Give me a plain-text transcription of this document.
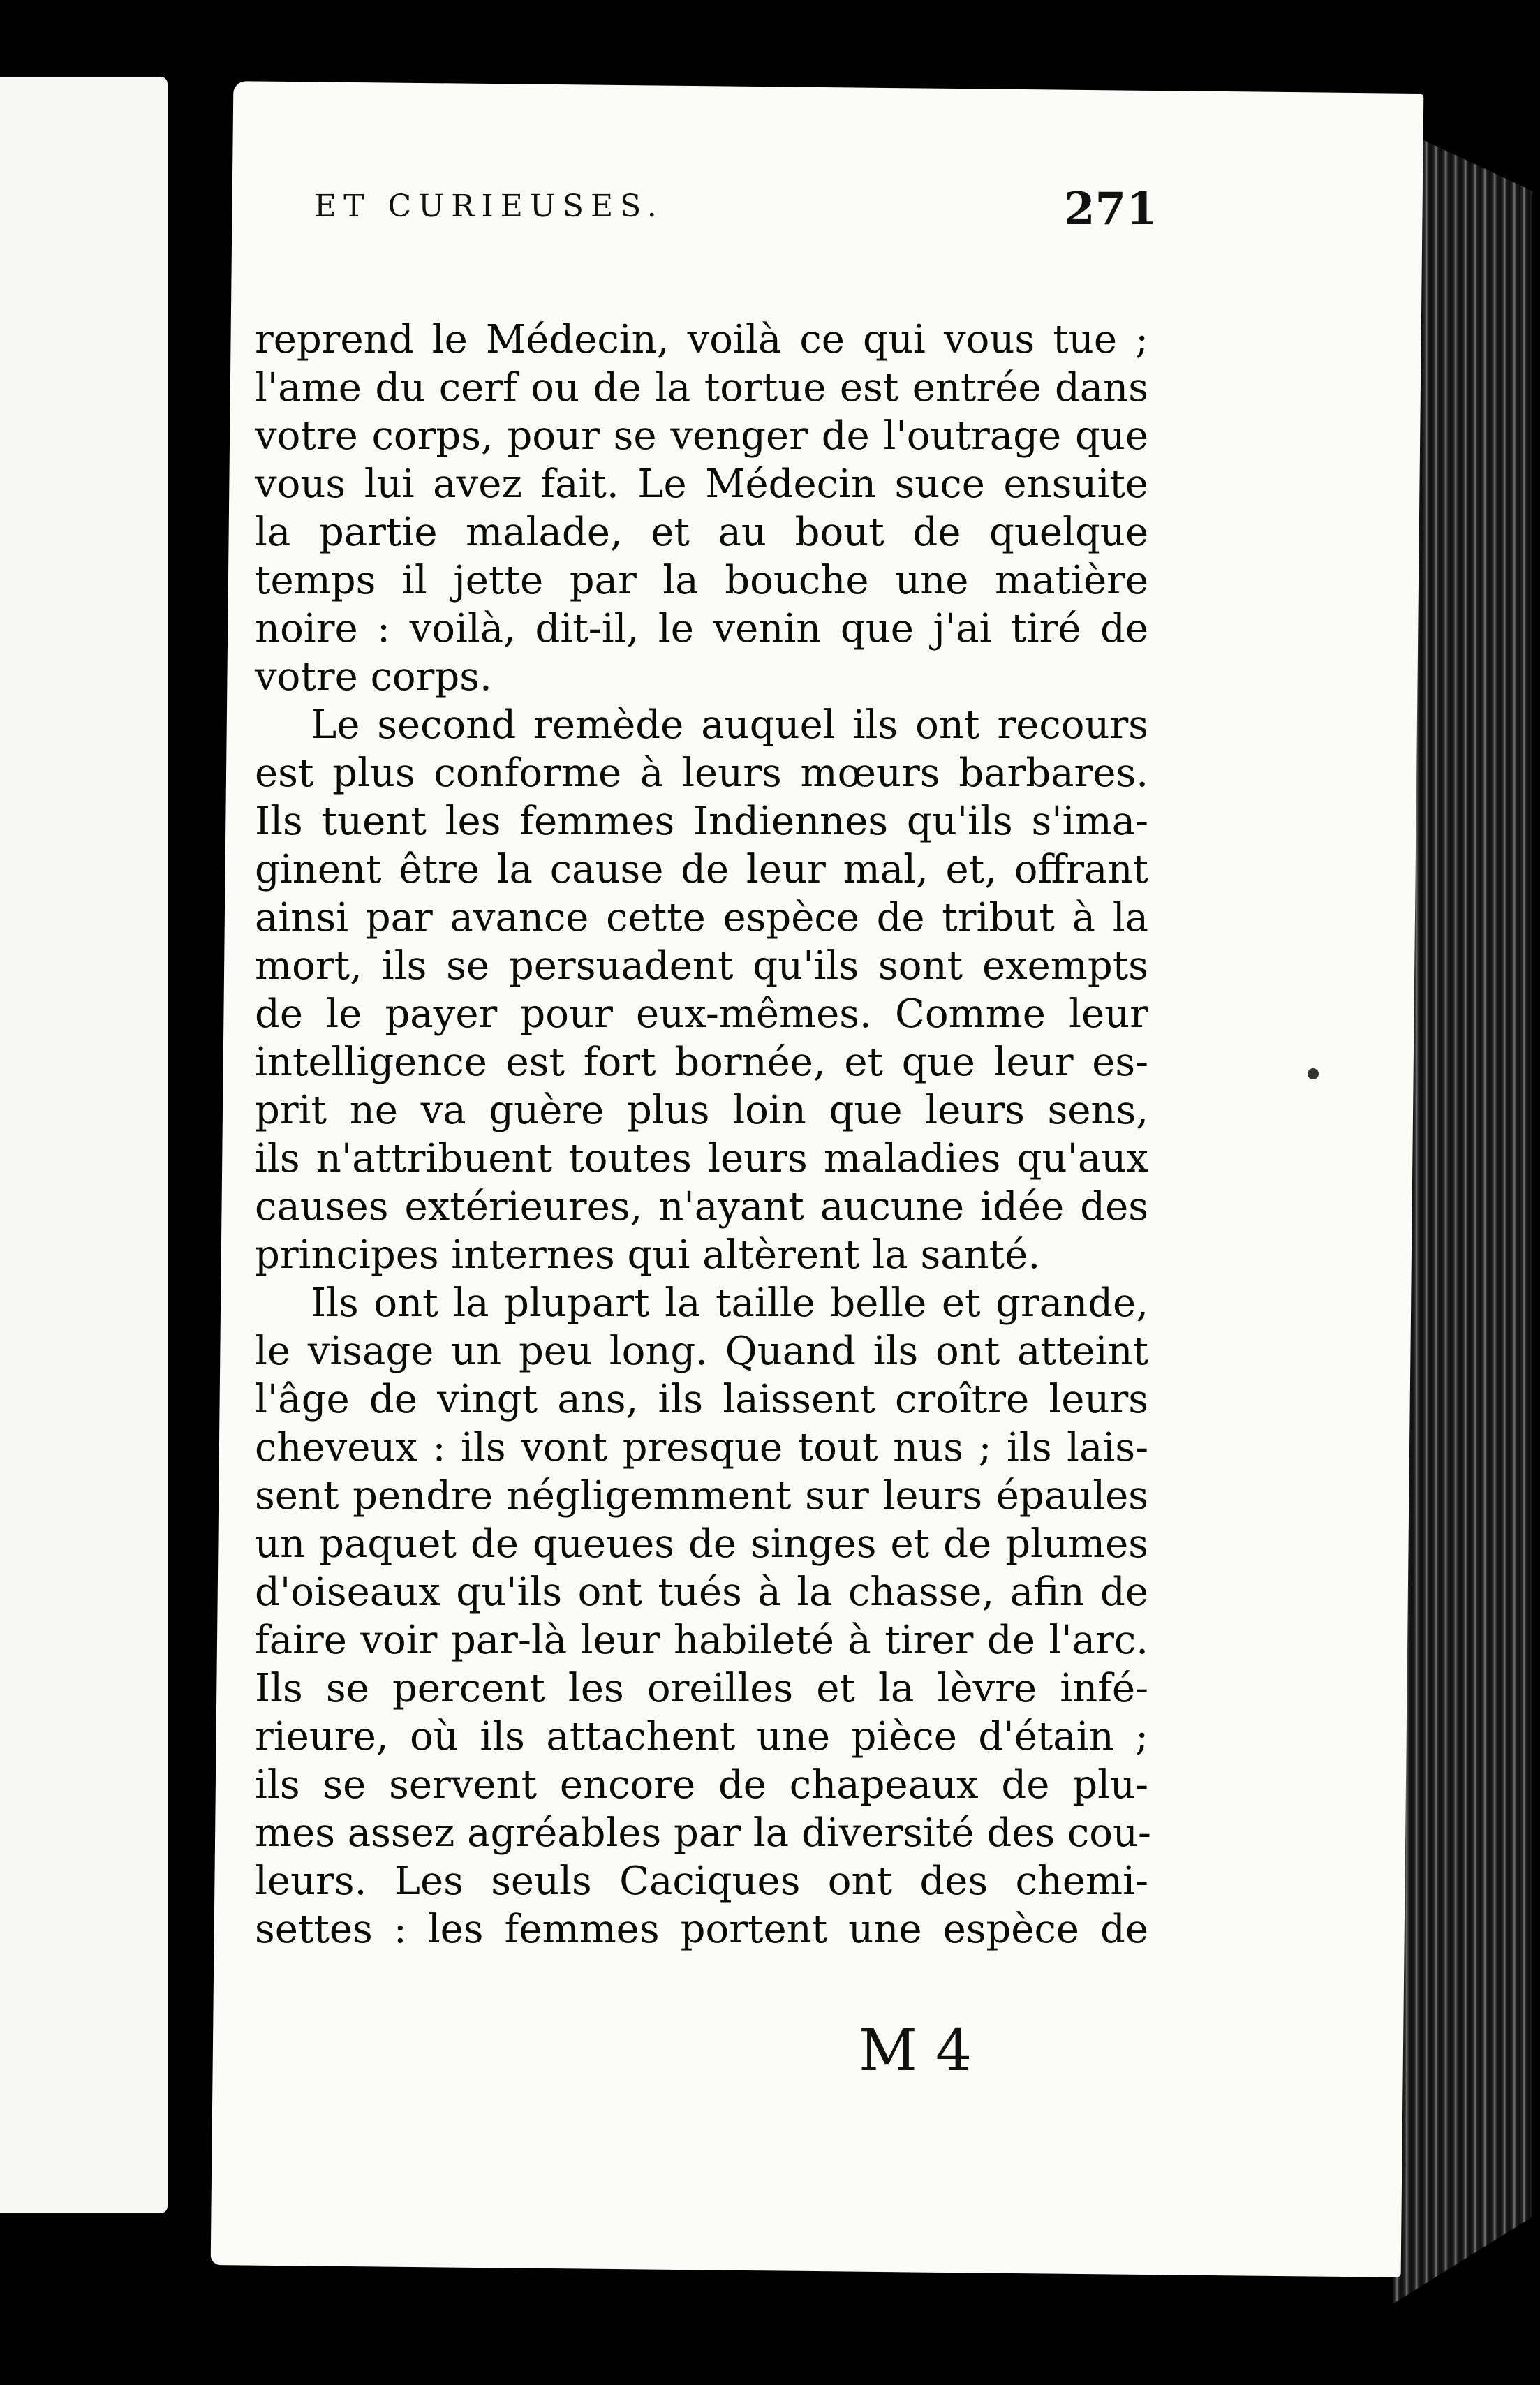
ET CURIEUSES.	271
reprend le Médecin, voilà ce qui vous tue ;
l'ame du cerf ou de la tortue est entrée dans
votre corps, pour se venger de l'outrage que
vous lui avez fait. Le Médecin suce ensuite
la partie malade, et au bout de quelque
temps il jette par la bouche une matière
noire : voilà, dit-il, le venin que j'ai tiré de
votre corps.
Le second remède auquel ils ont recours
est plus conforme à leurs mœurs barbares.
Ils tuent les femmes Indiennes qu'ils s'ima-
ginent être la cause de leur mal, et, offrant
ainsi par avance cette espèce de tribut à la
mort, ils se persuadent qu'ils sont exempts
de le payer pour eux-mêmes. Comme leur
intelligence est fort bornée, et que leur es-
prit ne va guère plus loin que leurs sens,
ils n'attribuent toutes leurs maladies qu'aux
causes extérieures, n'ayant aucune idée des
principes internes qui altèrent la santé.
Ils ont la plupart la taille belle et grande,
le visage un peu long. Quand ils ont atteint
l'âge de vingt ans, ils laissent croître leurs
cheveux : ils vont presque tout nus ; ils lais-
sent pendre négligemment sur leurs épaules
un paquet de queues de singes et de plumes
d'oiseaux qu'ils ont tués à la chasse, afin de
faire voir par-là leur habileté à tirer de l'arc.
Ils se percent les oreilles et la lèvre infé-
rieure, où ils attachent une pièce d'étain ;
ils se servent encore de chapeaux de plu-
mes assez agréables par la diversité des cou-
leurs. Les seuls Caciques ont des chemi-
settes : les femmes portent une espèce de
M 4
